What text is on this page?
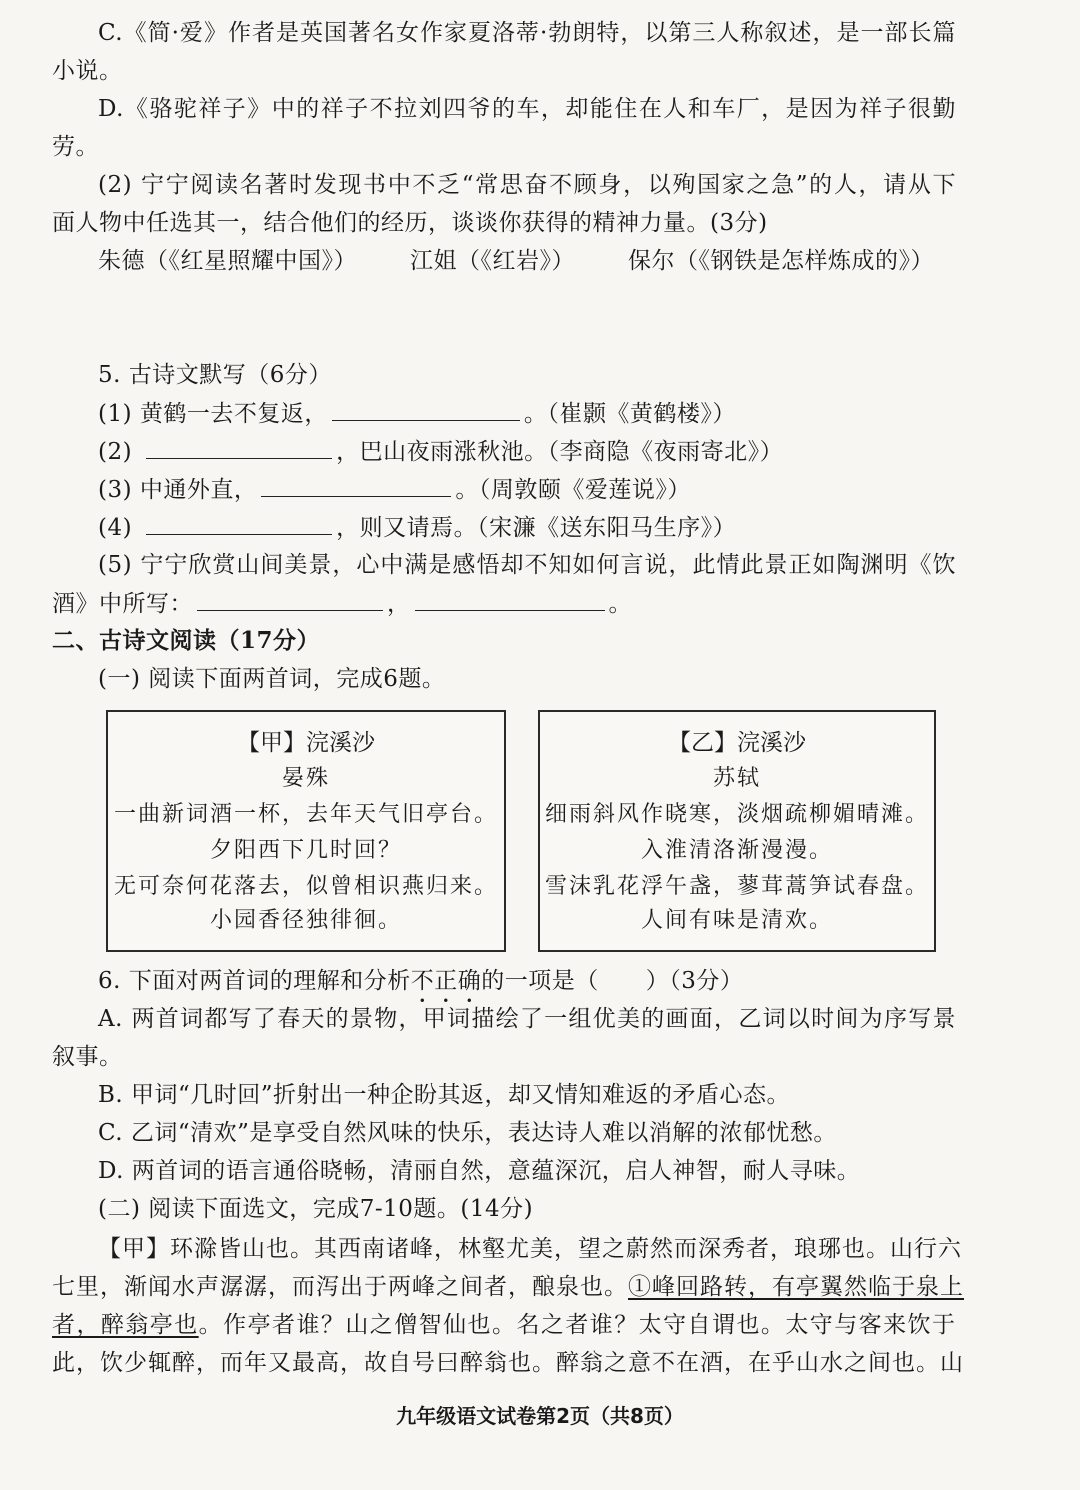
C.《简·爱》作者是英国著名女作家夏洛蒂·勃朗特，以第三人称叙述，是一部长篇
小说。
D.《骆驼祥子》中的祥子不拉刘四爷的车，却能住在人和车厂，是因为祥子很勤
劳。
(2) 宁宁阅读名著时发现书中不乏“常思奋不顾身，以殉国家之急”的人，请从下
面人物中任选其一，结合他们的经历，谈谈你获得的精神力量。(3分)
朱德（《红星照耀中国》） 江姐（《红岩》） 保尔（《钢铁是怎样炼成的》）
5. 古诗文默写（6分）
(1) 黄鹤一去不复返，	。（崔颢《黄鹤楼》）
(2)	，巴山夜雨涨秋池。（李商隐《夜雨寄北》）
(3) 中通外直，	。（周敦颐《爱莲说》）
(4)	，则又请焉。（宋濂《送东阳马生序》）
(5) 宁宁欣赏山间美景，心中满是感悟却不知如何言说，此情此景正如陶渊明《饮
酒》中所写：	，	。
二、古诗文阅读（17分）
(一) 阅读下面两首词，完成6题。
【甲】浣溪沙
晏殊
一曲新词酒一杯，去年天气旧亭台。
夕阳西下几时回？
无可奈何花落去，似曾相识燕归来。
小园香径独徘徊。
【乙】浣溪沙
苏轼
细雨斜风作晓寒，淡烟疏柳媚晴滩。
入淮清洛渐漫漫。
雪沫乳花浮午盏，蓼茸蒿笋试春盘。
人间有味是清欢。
6. 下面对两首词的理解和分析不正确的一项是（　　）（3分）
A. 两首词都写了春天的景物，甲词描绘了一组优美的画面，乙词以时间为序写景
叙事。
B. 甲词“几时回”折射出一种企盼其返，却又情知难返的矛盾心态。
C. 乙词“清欢”是享受自然风味的快乐，表达诗人难以消解的浓郁忧愁。
D. 两首词的语言通俗晓畅，清丽自然，意蕴深沉，启人神智，耐人寻味。
(二) 阅读下面选文，完成7-10题。(14分)
【甲】环滁皆山也。其西南诸峰，林壑尤美，望之蔚然而深秀者，琅琊也。山行六
七里，渐闻水声潺潺，而泻出于两峰之间者，酿泉也。①峰回路转，有亭翼然临于泉上
者，醉翁亭也。作亭者谁？山之僧智仙也。名之者谁？太守自谓也。太守与客来饮于
此，饮少辄醉，而年又最高，故自号曰醉翁也。醉翁之意不在酒，在乎山水之间也。山
九年级语文试卷第2页（共8页）
